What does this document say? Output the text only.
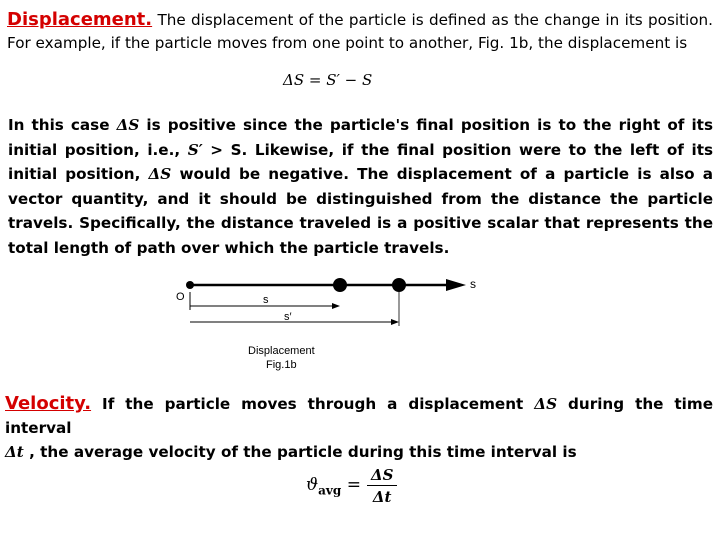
Displacement. The displacement of the particle is defined as the change in its position. For example, if the particle moves from one point to another, Fig. 1b, the displacement is
ΔS = S′ − S
In this case ΔS is positive since the particle's final position is to the right of its initial position, i.e., S′ > S. Likewise, if the final position were to the left of its initial position, ΔS would be negative. The displacement of a particle is also a vector quantity, and it should be distinguished from the distance the particle travels. Specifically, the distance traveled is a positive scalar that represents the total length of path over which the particle travels.
O
s
s
s′
Displacement
Fig.1b
Velocity. If the particle moves through a displacement ΔS during the time interval
Δt , the average velocity of the particle during this time interval is
$ϑ_{avg} = \frac{\Delta S}{\Delta t}$
